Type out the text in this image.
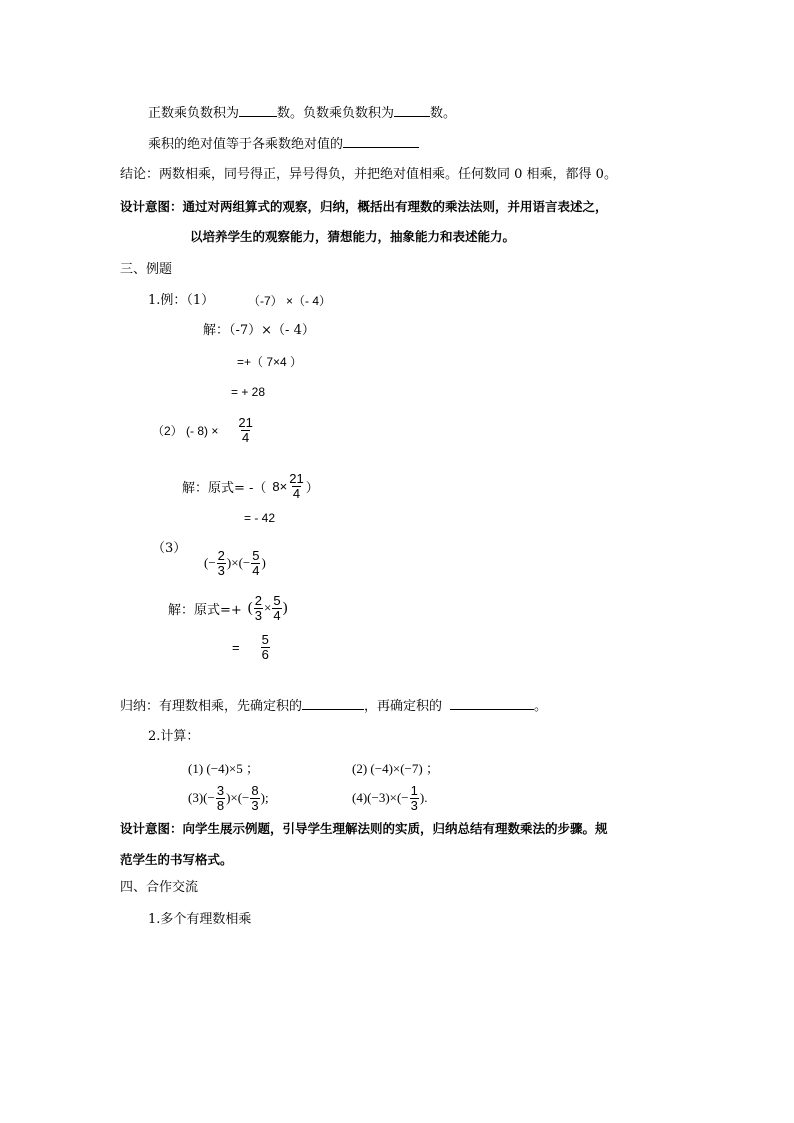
正数乘负数积为	数。负数乘负数积为	数。
乘积的绝对值等于各乘数绝对值的
结论：两数相乘，同号得正，异号得负，并把绝对值相乘。任何数同 0 相乘，都得 0。
设计意图：通过对两组算式的观察，归纳，概括出有理数的乘法法则，并用语言表述之，
以培养学生的观察能力，猜想能力，抽象能力和表述能力。
三、例题
1.例：（1）	（-7） ×（- 4）
解：（-7）×（- 4）
=+（ 7×4 ）
= + 28
（2） (- $8) \times \frac{21}{4}$
解：原式= -（ $8\times \frac{21}{4}$ ）
= - 42
（3）
(− $\frac{2}{3}$ )×(− $\frac{5}{4}$ )
解：原式=+ ( $\frac{2}{3} \times \frac{5}{4}$ )
= $\frac{5}{6}$
归纳：有理数相乘，先确定积的	，再确定积的	。
2.计算：
(1) (−4)×5 ；	(2) (−4)×(−7) ；
$(3)(- \frac{3}{8}$ )×(− $\frac{8}{3}$ );	$(4)(-3)\times(- \frac{1}{3}$ ).
设计意图：向学生展示例题，引导学生理解法则的实质，归纳总结有理数乘法的步骤。规
范学生的书写格式。
四、合作交流
1.多个有理数相乘
